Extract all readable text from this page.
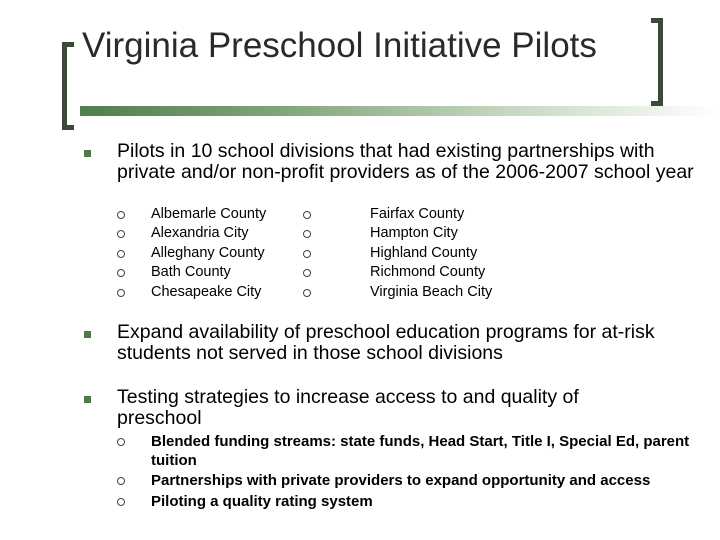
Virginia Preschool Initiative Pilots
Pilots in 10 school divisions that had existing partnerships with private and/or non-profit providers as of the 2006-2007 school year
Albemarle County
Alexandria City
Alleghany County
Bath County
Chesapeake City
Fairfax County
Hampton City
Highland County
Richmond County
Virginia Beach City
Expand availability of preschool education programs for at-risk students not served in those school divisions
Testing strategies to increase access to and quality of preschool
Blended funding streams: state funds, Head Start, Title I, Special Ed, parent tuition
Partnerships with private providers to expand opportunity and access
Piloting a quality rating system
